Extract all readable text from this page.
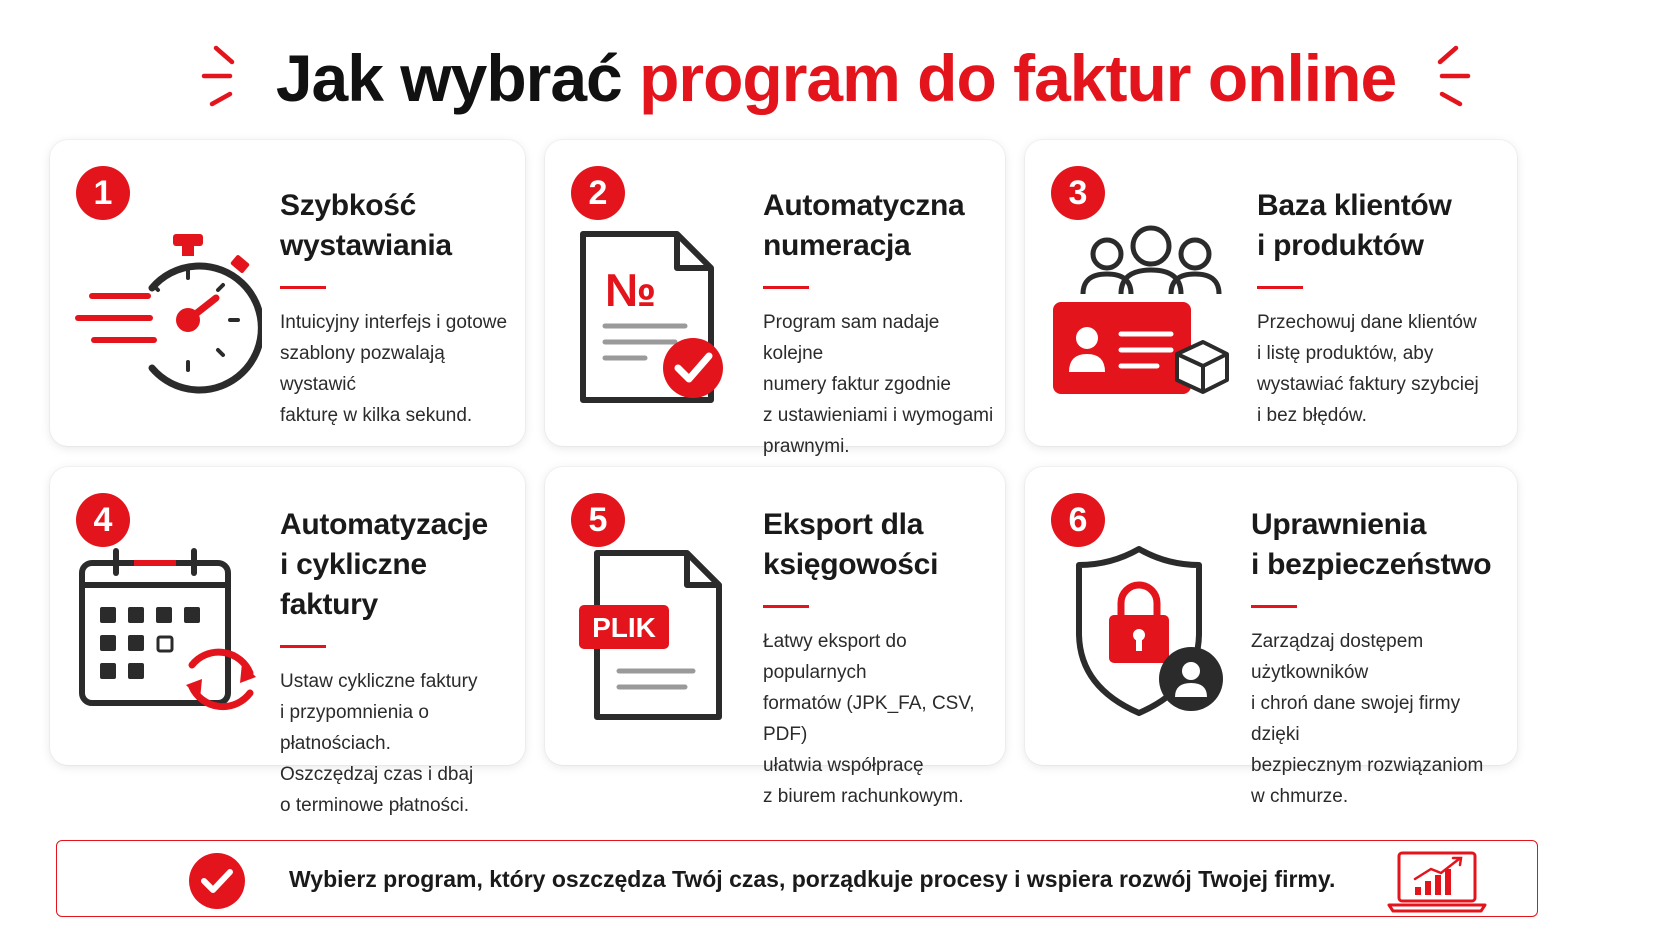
Jak wybrać program do faktur online
1	Szybkość
wystawiania
Intuicyjny interfejs i gotowe
szablony pozwalają wystawić
fakturę w kilka sekund.
2
№
Automatyczna
numeracja
Program sam nadaje kolejne
numery faktur zgodnie
z ustawieniami i wymogami
prawnymi.
3	Baza klientów
i produktów
Przechowuj dane klientów
i listę produktów, aby
wystawiać faktury szybciej
i bez błędów.
4	Automatyzacje
i cykliczne faktury
Ustaw cykliczne faktury
i przypomnienia o płatnościach.
Oszczędzaj czas i dbaj
o terminowe płatności.
5
PLIK
Eksport dla
księgowości
Łatwy eksport do popularnych
formatów (JPK_FA, CSV, PDF)
ułatwia współpracę
z biurem rachunkowym.
6	Uprawnienia
i bezpieczeństwo
Zarządzaj dostępem użytkowników
i chroń dane swojej firmy dzięki
bezpiecznym rozwiązaniom
w chmurze.
Wybierz program, który oszczędza Twój czas, porządkuje procesy i wspiera rozwój Twojej firmy.
